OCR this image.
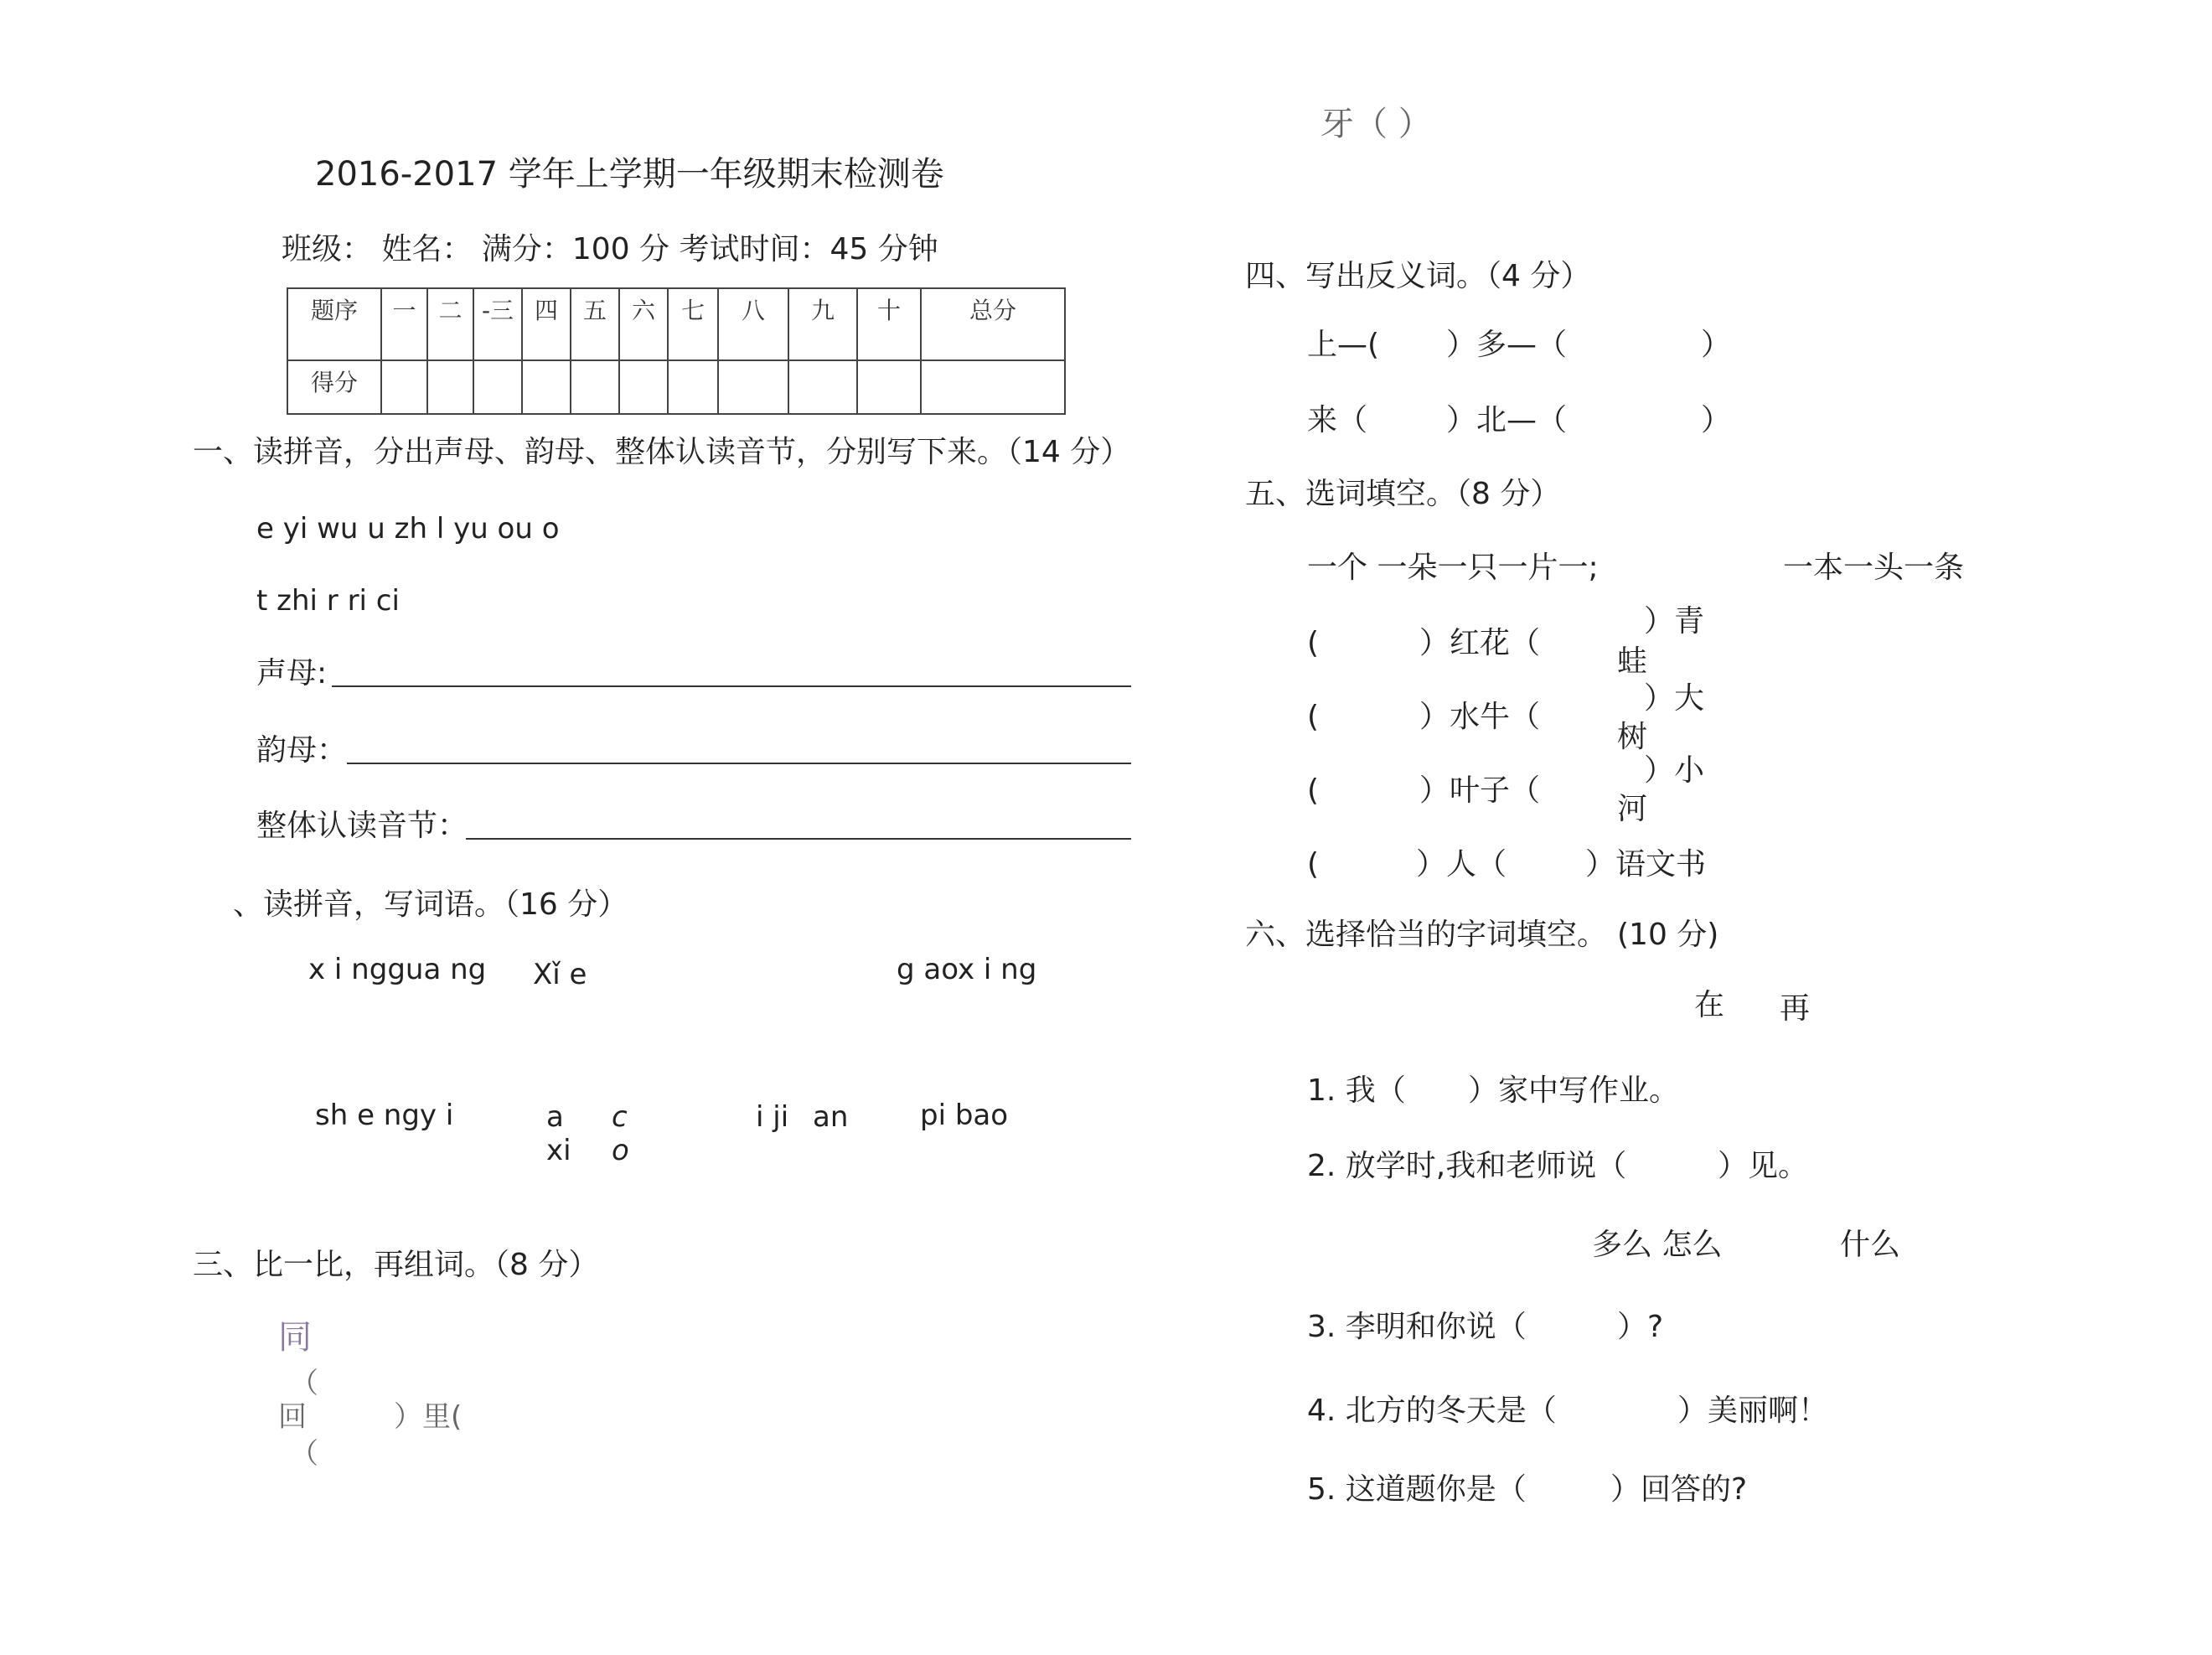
2016-2017 学年上学期一年级期末检测卷
班级： 姓名： 满分：100 分 考试时间：45 分钟
题序	一	二	-三	四	五	六	七	八	九	十	总分
得分											
一、读拼音，分出声母、韵母、整体认读音节，分别写下来。（14 分）
e yi wu u zh l yu ou o
t zhi r ri ci
声母:
韵母：
整体认读音节：
、读拼音，写词语。（16 分）
x i nggua ng Xǐ e	g aox i ng
sh e ngy i	a c
xi o
i ji an	pi bao
三、比一比，再组词。（8 分）
同
（
回	）里(
（
牙（ ）
四、写出反义词。（4 分）
上—( ）多—（	）
来（	）北—（	）
五、选词填空。（8 分）
一个 一朵一只一片一;	一本一头一条
(	）红花（
）青
蛙
(	）水牛（
）大
树
(	）叶子（
）小
河
(	）人（	）语文书
六、选择恰当的字词填空。 (10 分)
在 再
1. 我（ ）家中写作业。
2. 放学时,我和老师说（	）见。
多么 怎么	什么
3. 李明和你说（	）?
4. 北方的冬天是（	）美丽啊！
5. 这道题你是（	）回答的?
